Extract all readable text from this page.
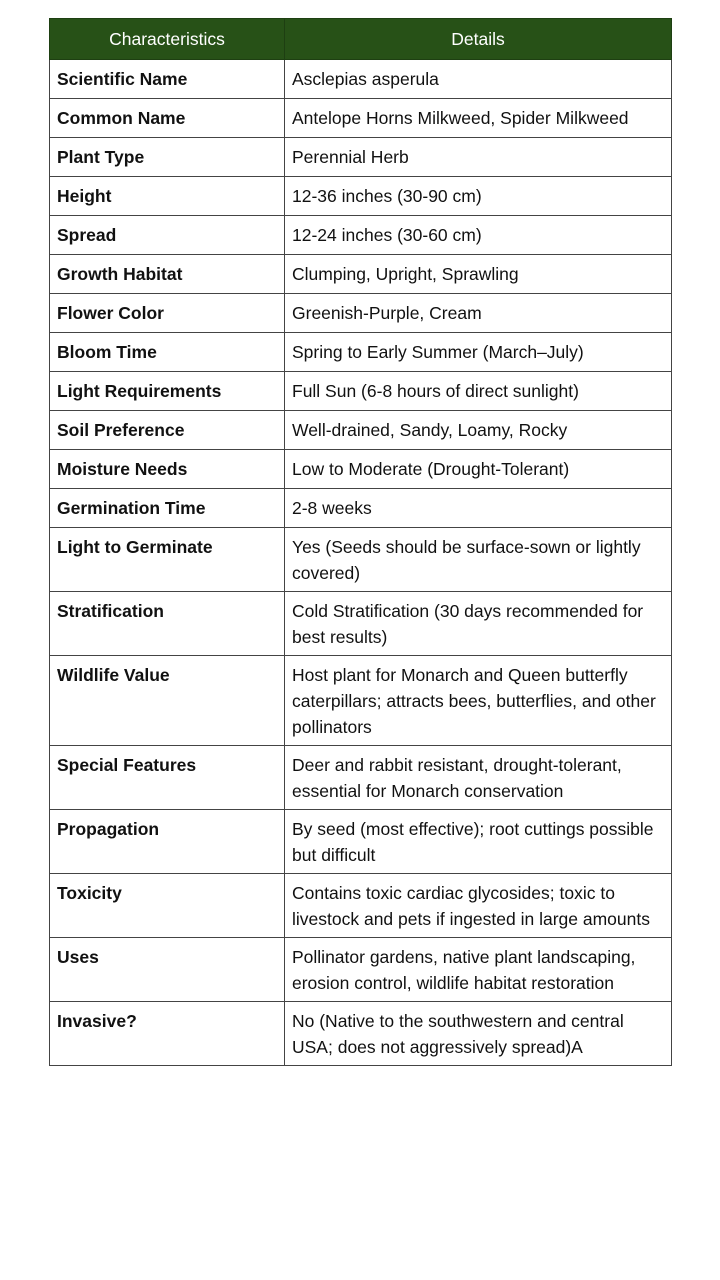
Characteristics	Details
Scientific Name	Asclepias asperula
Common Name	Antelope Horns Milkweed, Spider Milkweed
Plant Type	Perennial Herb
Height	12-36 inches (30-90 cm)
Spread	12-24 inches (30-60 cm)
Growth Habitat	Clumping, Upright, Sprawling
Flower Color	Greenish-Purple, Cream
Bloom Time	Spring to Early Summer (March–July)
Light Requirements	Full Sun (6-8 hours of direct sunlight)
Soil Preference	Well-drained, Sandy, Loamy, Rocky
Moisture Needs	Low to Moderate (Drought-Tolerant)
Germination Time	2-8 weeks
Light to Germinate	Yes (Seeds should be surface-sown or lightly covered)
Stratification	Cold Stratification (30 days recommended for best results)
Wildlife Value	Host plant for Monarch and Queen butterfly caterpillars; attracts bees, butterflies, and other pollinators
Special Features	Deer and rabbit resistant, drought-tolerant, essential for Monarch conservation
Propagation	By seed (most effective); root cuttings possible but difficult
Toxicity	Contains toxic cardiac glycosides; toxic to livestock and pets if ingested in large amounts
Uses	Pollinator gardens, native plant landscaping, erosion control, wildlife habitat restoration
Invasive?	No (Native to the southwestern and central USA; does not aggressively spread)A
